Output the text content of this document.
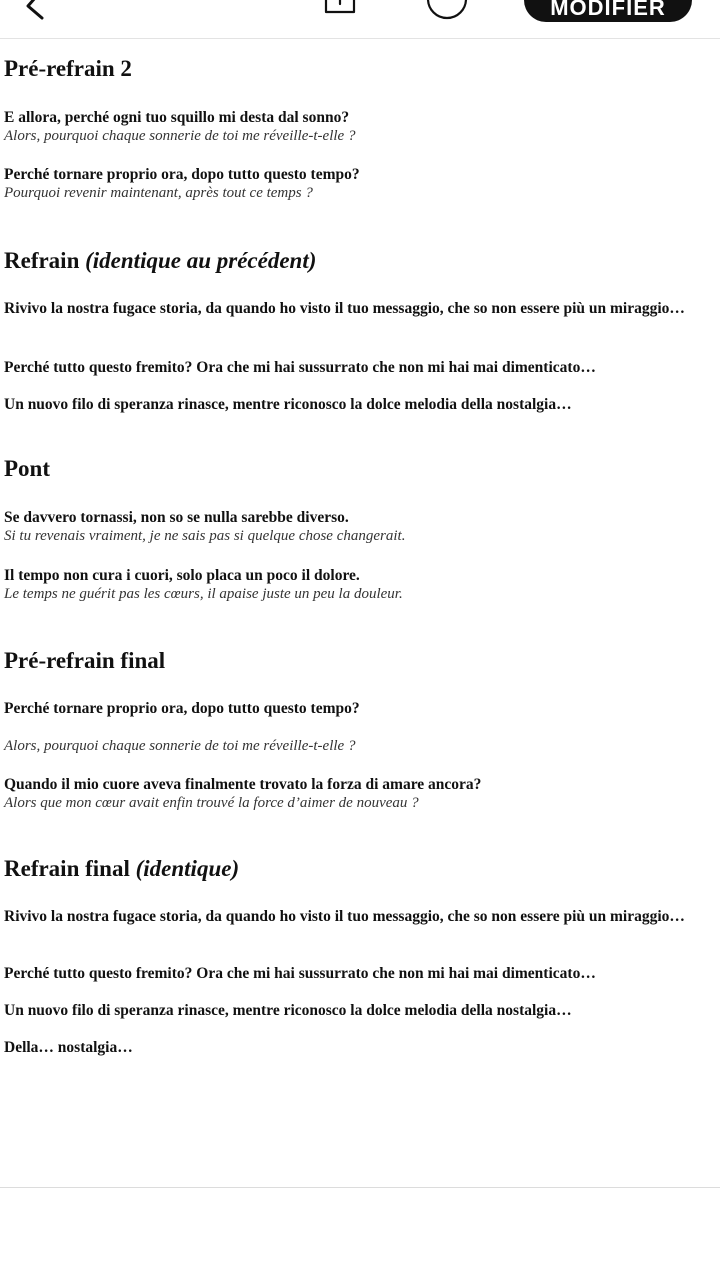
MODIFIER
Pré-refrain 2

E allora, perché ogni tuo squillo mi desta dal sonno?

Alors, pourquoi chaque sonnerie de toi me réveille-t-elle ?

Perché tornare proprio ora, dopo tutto questo tempo?

Pourquoi revenir maintenant, après tout ce temps ?

Refrain (identique au précédent)

Rivivo la nostra fugace storia, da quando ho visto il tuo messaggio, che so non essere più un miraggio…

Perché tutto questo fremito? Ora che mi hai sussurrato che non mi hai mai dimenticato…

Un nuovo filo di speranza rinasce, mentre riconosco la dolce melodia della nostalgia…

Pont

Se davvero tornassi, non so se nulla sarebbe diverso.

Si tu revenais vraiment, je ne sais pas si quelque chose changerait.

Il tempo non cura i cuori, solo placa un poco il dolore.

Le temps ne guérit pas les cœurs, il apaise juste un peu la douleur.

Pré-refrain final

Perché tornare proprio ora, dopo tutto questo tempo?

Alors, pourquoi chaque sonnerie de toi me réveille-t-elle ?

Quando il mio cuore aveva finalmente trovato la forza di amare ancora?

Alors que mon cœur avait enfin trouvé la force d’aimer de nouveau ?

Refrain final (identique)

Rivivo la nostra fugace storia, da quando ho visto il tuo messaggio, che so non essere più un miraggio…

Perché tutto questo fremito? Ora che mi hai sussurrato che non mi hai mai dimenticato…

Un nuovo filo di speranza rinasce, mentre riconosco la dolce melodia della nostalgia…

Della… nostalgia…
